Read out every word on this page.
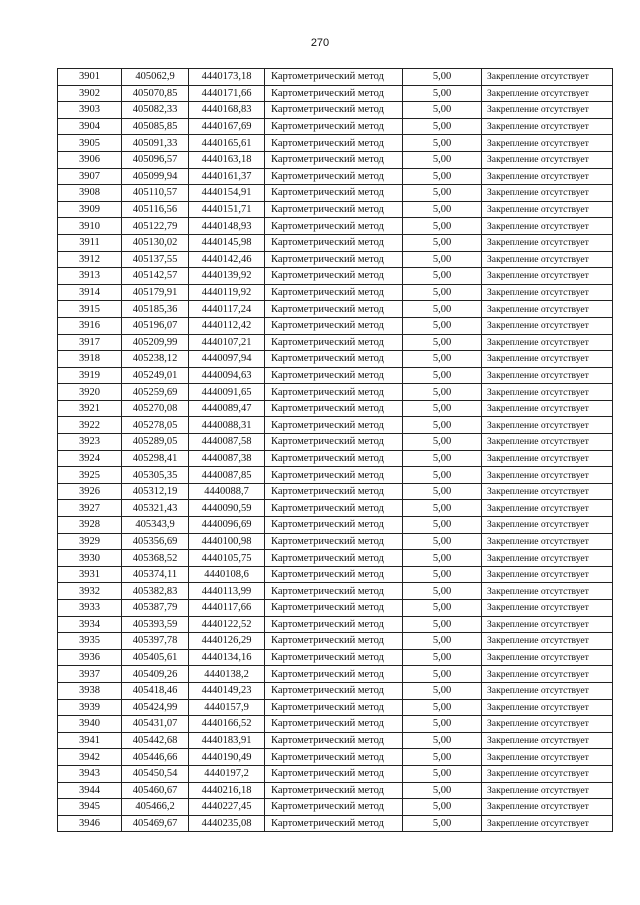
270
3901	405062,9	4440173,18	Картометрический метод	5,00	Закрепление отсутствует
3902	405070,85	4440171,66	Картометрический метод	5,00	Закрепление отсутствует
3903	405082,33	4440168,83	Картометрический метод	5,00	Закрепление отсутствует
3904	405085,85	4440167,69	Картометрический метод	5,00	Закрепление отсутствует
3905	405091,33	4440165,61	Картометрический метод	5,00	Закрепление отсутствует
3906	405096,57	4440163,18	Картометрический метод	5,00	Закрепление отсутствует
3907	405099,94	4440161,37	Картометрический метод	5,00	Закрепление отсутствует
3908	405110,57	4440154,91	Картометрический метод	5,00	Закрепление отсутствует
3909	405116,56	4440151,71	Картометрический метод	5,00	Закрепление отсутствует
3910	405122,79	4440148,93	Картометрический метод	5,00	Закрепление отсутствует
3911	405130,02	4440145,98	Картометрический метод	5,00	Закрепление отсутствует
3912	405137,55	4440142,46	Картометрический метод	5,00	Закрепление отсутствует
3913	405142,57	4440139,92	Картометрический метод	5,00	Закрепление отсутствует
3914	405179,91	4440119,92	Картометрический метод	5,00	Закрепление отсутствует
3915	405185,36	4440117,24	Картометрический метод	5,00	Закрепление отсутствует
3916	405196,07	4440112,42	Картометрический метод	5,00	Закрепление отсутствует
3917	405209,99	4440107,21	Картометрический метод	5,00	Закрепление отсутствует
3918	405238,12	4440097,94	Картометрический метод	5,00	Закрепление отсутствует
3919	405249,01	4440094,63	Картометрический метод	5,00	Закрепление отсутствует
3920	405259,69	4440091,65	Картометрический метод	5,00	Закрепление отсутствует
3921	405270,08	4440089,47	Картометрический метод	5,00	Закрепление отсутствует
3922	405278,05	4440088,31	Картометрический метод	5,00	Закрепление отсутствует
3923	405289,05	4440087,58	Картометрический метод	5,00	Закрепление отсутствует
3924	405298,41	4440087,38	Картометрический метод	5,00	Закрепление отсутствует
3925	405305,35	4440087,85	Картометрический метод	5,00	Закрепление отсутствует
3926	405312,19	4440088,7	Картометрический метод	5,00	Закрепление отсутствует
3927	405321,43	4440090,59	Картометрический метод	5,00	Закрепление отсутствует
3928	405343,9	4440096,69	Картометрический метод	5,00	Закрепление отсутствует
3929	405356,69	4440100,98	Картометрический метод	5,00	Закрепление отсутствует
3930	405368,52	4440105,75	Картометрический метод	5,00	Закрепление отсутствует
3931	405374,11	4440108,6	Картометрический метод	5,00	Закрепление отсутствует
3932	405382,83	4440113,99	Картометрический метод	5,00	Закрепление отсутствует
3933	405387,79	4440117,66	Картометрический метод	5,00	Закрепление отсутствует
3934	405393,59	4440122,52	Картометрический метод	5,00	Закрепление отсутствует
3935	405397,78	4440126,29	Картометрический метод	5,00	Закрепление отсутствует
3936	405405,61	4440134,16	Картометрический метод	5,00	Закрепление отсутствует
3937	405409,26	4440138,2	Картометрический метод	5,00	Закрепление отсутствует
3938	405418,46	4440149,23	Картометрический метод	5,00	Закрепление отсутствует
3939	405424,99	4440157,9	Картометрический метод	5,00	Закрепление отсутствует
3940	405431,07	4440166,52	Картометрический метод	5,00	Закрепление отсутствует
3941	405442,68	4440183,91	Картометрический метод	5,00	Закрепление отсутствует
3942	405446,66	4440190,49	Картометрический метод	5,00	Закрепление отсутствует
3943	405450,54	4440197,2	Картометрический метод	5,00	Закрепление отсутствует
3944	405460,67	4440216,18	Картометрический метод	5,00	Закрепление отсутствует
3945	405466,2	4440227,45	Картометрический метод	5,00	Закрепление отсутствует
3946	405469,67	4440235,08	Картометрический метод	5,00	Закрепление отсутствует
